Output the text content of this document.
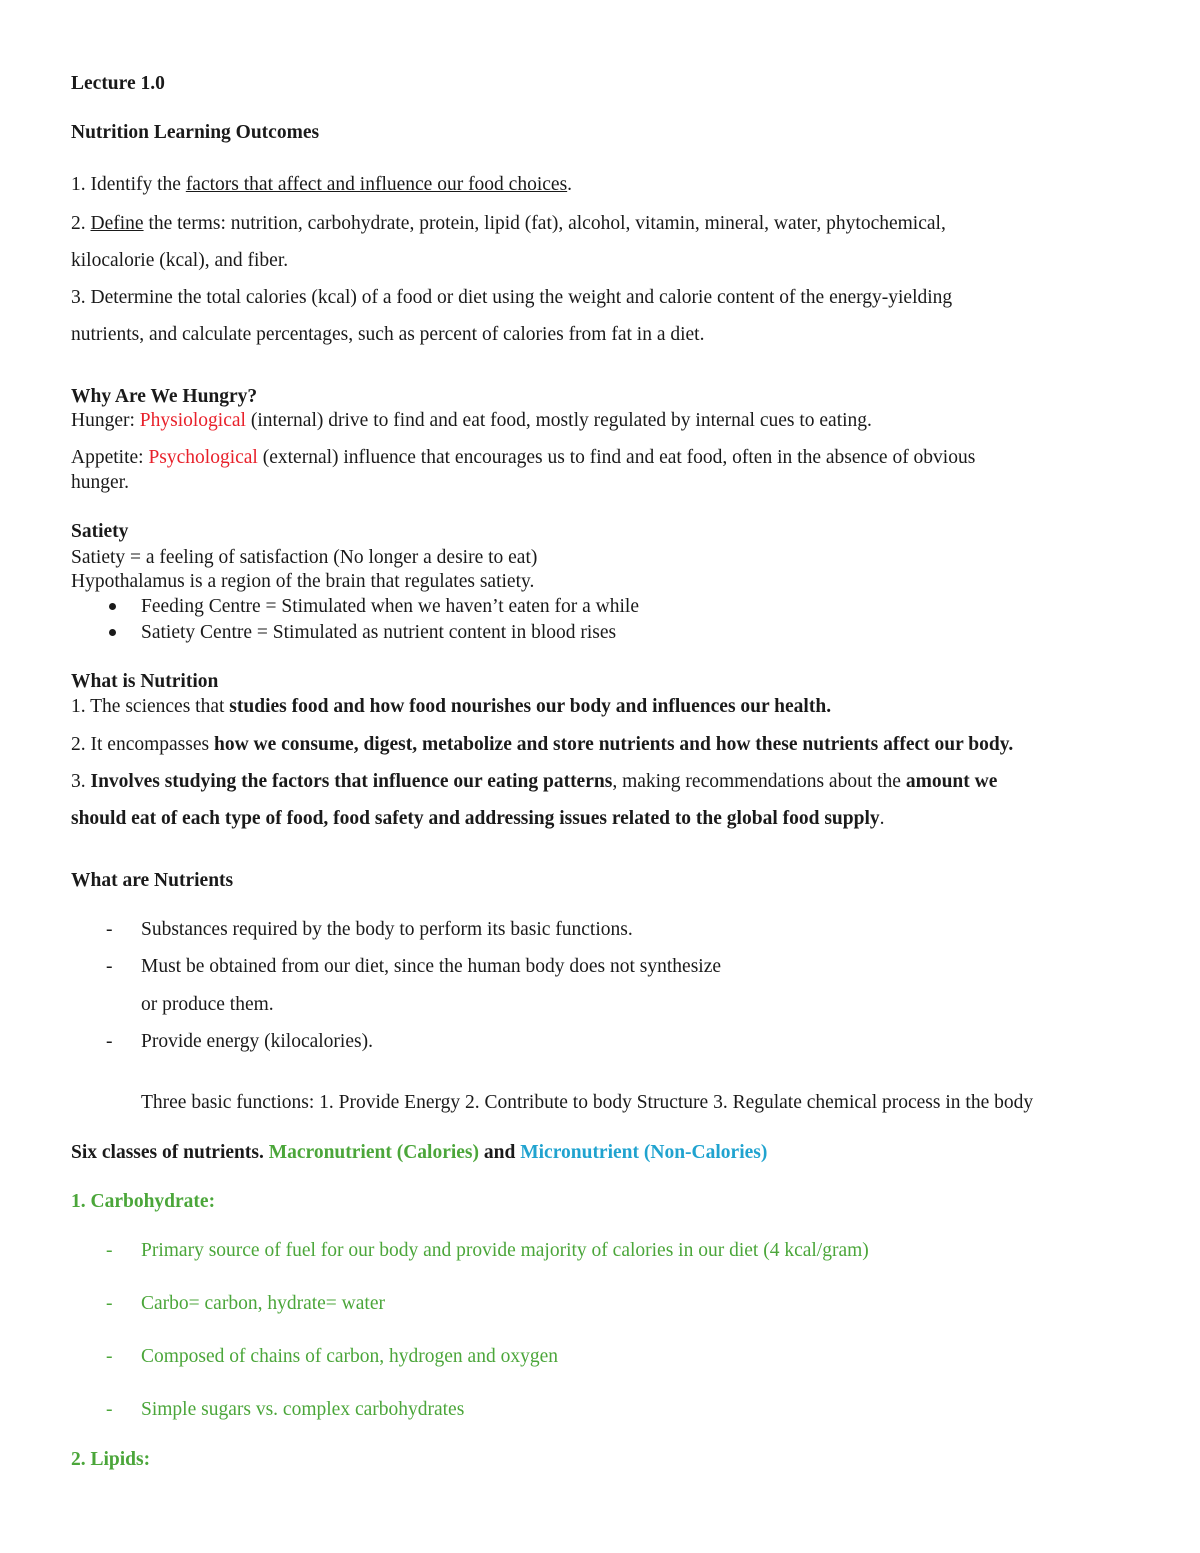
Lecture 1.0
Nutrition Learning Outcomes
1. Identify the factors that affect and influence our food choices.
2. Define the terms: nutrition, carbohydrate, protein, lipid (fat), alcohol, vitamin, mineral, water, phytochemical,
kilocalorie (kcal), and fiber.
3. Determine the total calories (kcal) of a food or diet using the weight and calorie content of the energy-yielding
nutrients, and calculate percentages, such as percent of calories from fat in a diet.
Why Are We Hungry?
Hunger: Physiological (internal) drive to find and eat food, mostly regulated by internal cues to eating.
Appetite: Psychological (external) influence that encourages us to find and eat food, often in the absence of obvious
hunger.
Satiety
Satiety = a feeling of satisfaction (No longer a desire to eat)
Hypothalamus is a region of the brain that regulates satiety.
Feeding Centre = Stimulated when we haven’t eaten for a while
Satiety Centre = Stimulated as nutrient content in blood rises
What is Nutrition
1. The sciences that studies food and how food nourishes our body and influences our health.
2. It encompasses how we consume, digest, metabolize and store nutrients and how these nutrients affect our body.
3. Involves studying the factors that influence our eating patterns, making recommendations about the amount we
should eat of each type of food, food safety and addressing issues related to the global food supply.
What are Nutrients
-
Substances required by the body to perform its basic functions.
-
Must be obtained from our diet, since the human body does not synthesize
or produce them.
-
Provide energy (kilocalories).
Three basic functions: 1. Provide Energy 2. Contribute to body Structure 3. Regulate chemical process in the body
Six classes of nutrients. Macronutrient (Calories) and Micronutrient (Non-Calories)
1. Carbohydrate:
-
Primary source of fuel for our body and provide majority of calories in our diet (4 kcal/gram)
-
Carbo= carbon, hydrate= water
-
Composed of chains of carbon, hydrogen and oxygen
-
Simple sugars vs. complex carbohydrates
2. Lipids:
